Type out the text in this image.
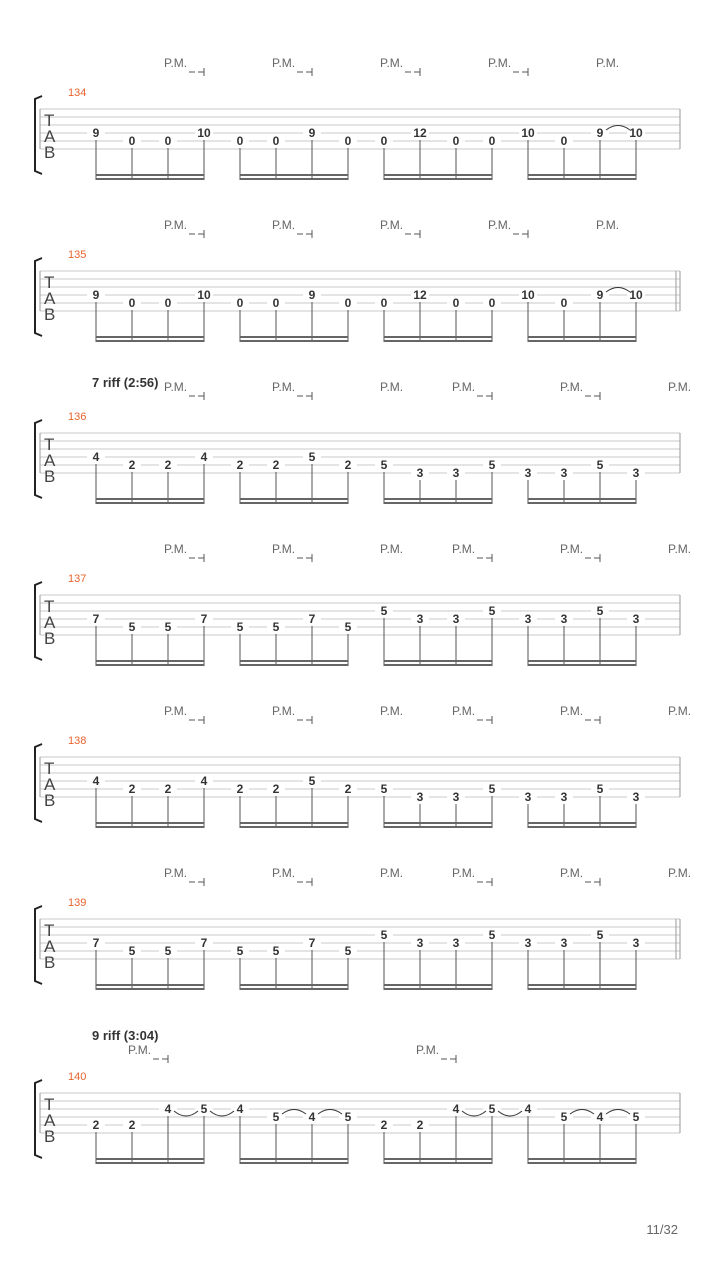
T
A
B
134
P.M.	P.M.	P.M.	P.M.	P.M.
9
0 0
10
0 0
9
0 0
12
0 0
10
0
9 10
T
A
B
135
P.M.	P.M.	P.M.	P.M.	P.M.
9
0 0
10
0 0
9
0 0
12
0 0
10
0
9 10
T
A
B
136
7 riff (2:56) P.M.	P.M.	P.M.	P.M.	P.M.	P.M.
4
2 2
4
2 2
5
2 5
3 3
5
3 3
5
3
T
A
B
137
P.M.	P.M.	P.M.	P.M.	P.M.	P.M.
7
5 5
7
5 5
7
5
5
3 3
5
3 3
5
3
T
A
B
138
P.M.	P.M.	P.M.	P.M.	P.M.	P.M.
4
2 2
4
2 2
5
2 5
3 3
5
3 3
5
3
T
A
B
139
P.M.	P.M.	P.M.	P.M.	P.M.	P.M.
7
5 5
7
5 5
7
5
5
3 3
5
3 3
5
3
T
A
B
140
9 riff (3:04)
P.M.	P.M.
2 2
4 5 4
5 4 5
2 2
4 5 4
5 4 5
11/32
